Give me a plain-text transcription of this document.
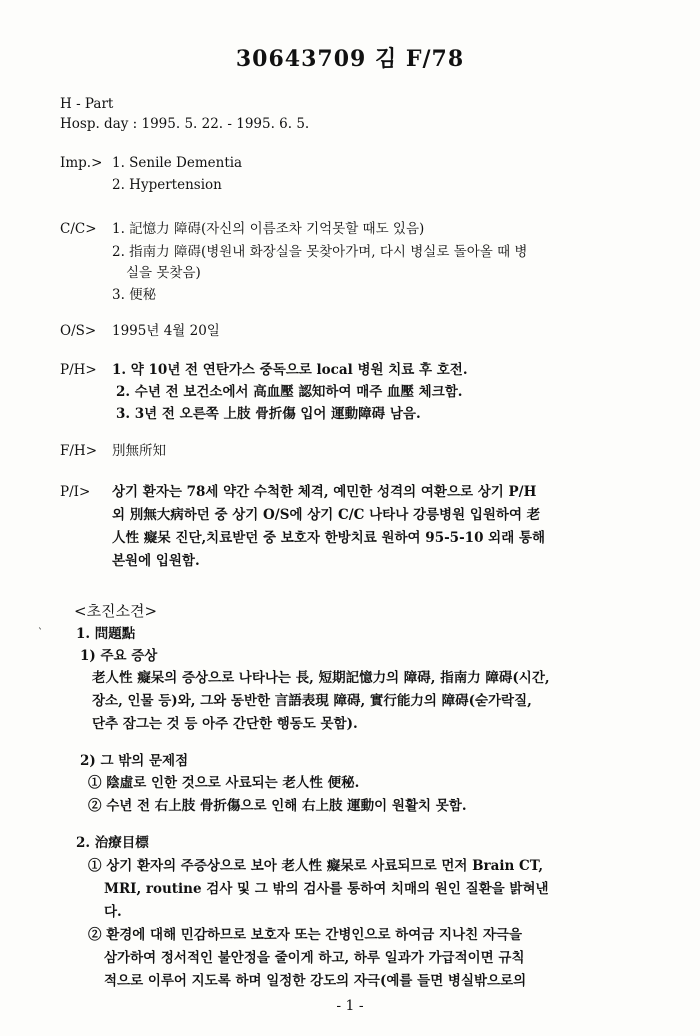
30643709 김 F/78
H - Part
Hosp. day : 1995. 5. 22. - 1995. 6. 5.
Imp.> 1. Senile Dementia
2. Hypertension
C/C> 1. 記憶力 障碍(자신의 이름조차 기억못할 때도 있음)
2. 指南力 障碍(병원내 화장실을 못찾아가며, 다시 병실로 돌아올 때 병
실을 못찾음)
3. 便秘
O/S> 1995년 4월 20일
P/H> 1. 약 10년 전 연탄가스 중독으로 local 병원 치료 후 호전.
2. 수년 전 보건소에서 高血壓 認知하여 매주 血壓 체크함.
3. 3년 전 오른쪽 上肢 骨折傷 입어 運動障碍 남음.
F/H> 別無所知
P/I> 상기 환자는 78세 약간 수척한 체격, 예민한 성격의 여환으로 상기 P/H
외 別無大病하던 중 상기 O/S에 상기 C/C 나타나 강릉병원 입원하여 老
人性 癡呆 진단,치료받던 중 보호자 한방치료 원하여 95-5-10 외래 통해
본원에 입원함.
<초진소견>
` 1. 問題點
1) 주요 증상
老人性 癡呆의 증상으로 나타나는 長, 短期記憶力의 障碍, 指南力 障碍(시간,
장소, 인물 등)와, 그와 동반한 言語表現 障碍, 實行能力의 障碍(숟가락질,
단추 잠그는 것 등 아주 간단한 행동도 못함).
2) 그 밖의 문제점
① 陰虛로 인한 것으로 사료되는 老人性 便秘.
② 수년 전 右上肢 骨折傷으로 인해 右上肢 運動이 원활치 못함.
2. 治療目標
① 상기 환자의 주증상으로 보아 老人性 癡呆로 사료되므로 먼저 Brain CT,
MRI, routine 검사 및 그 밖의 검사를 통하여 치매의 원인 질환을 밝혀낸
다.
② 환경에 대해 민감하므로 보호자 또는 간병인으로 하여금 지나친 자극을
삼가하여 정서적인 불안정을 줄이게 하고, 하루 일과가 가급적이면 규칙
적으로 이루어 지도록 하며 일정한 강도의 자극(예를 들면 병실밖으로의
- 1 -
